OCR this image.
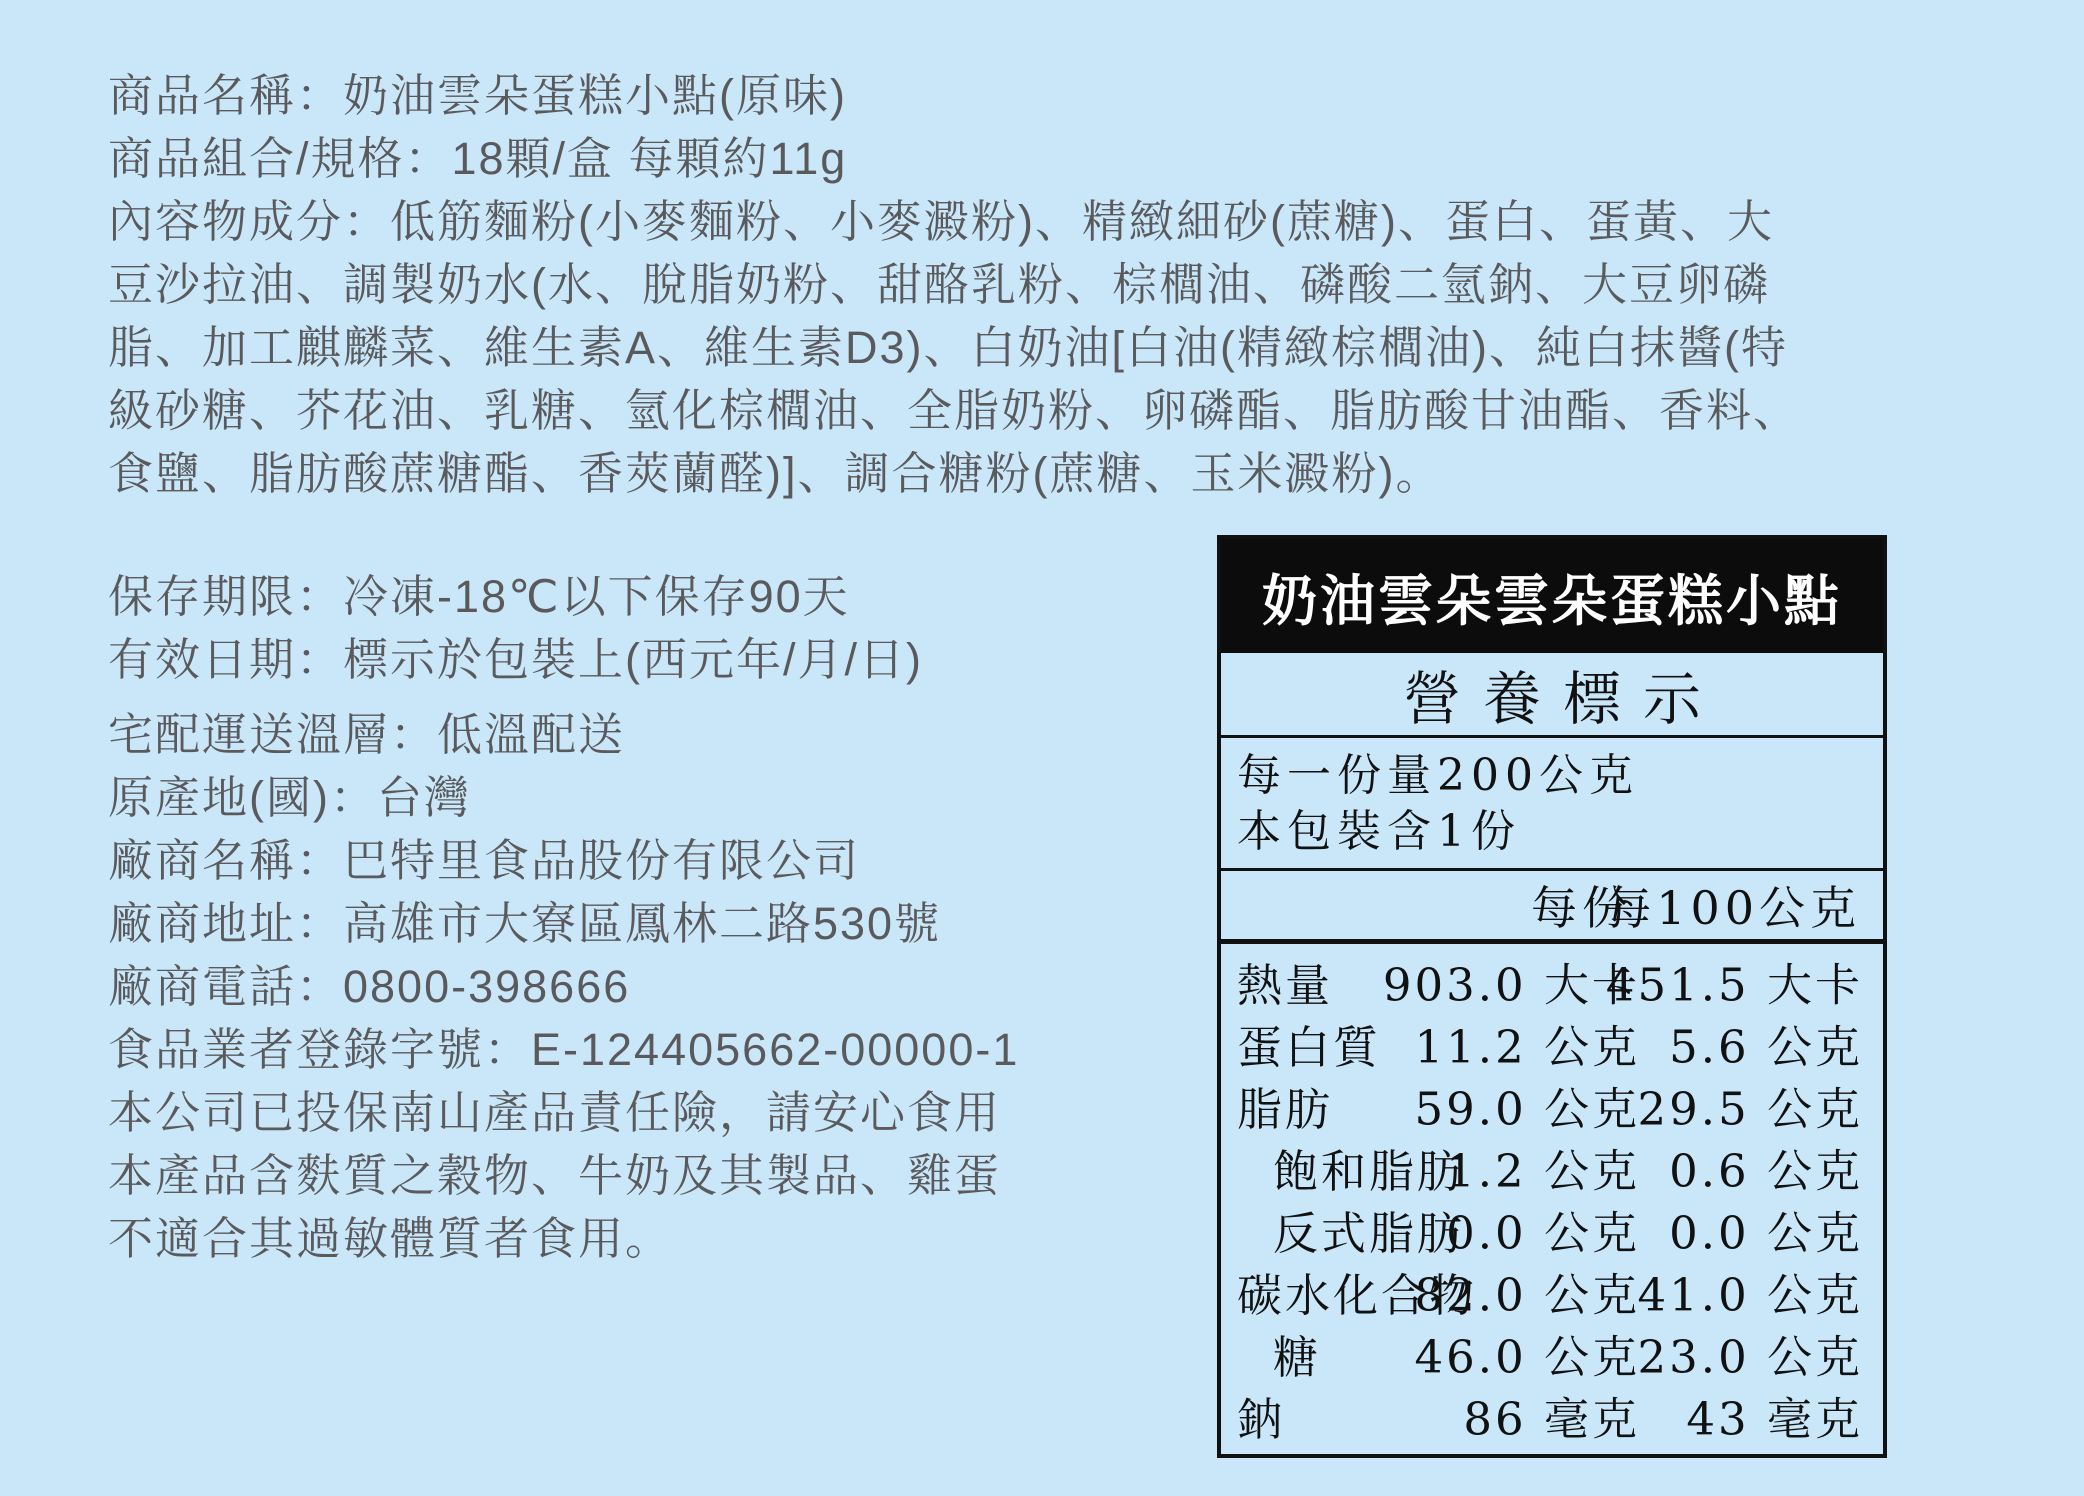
商品名稱：奶油雲朵蛋糕小點(原味)
商品組合/規格：18顆/盒 每顆約11g
內容物成分：低筋麵粉(小麥麵粉、小麥澱粉)、精緻細砂(蔗糖)、蛋白、蛋黃、大
豆沙拉油、調製奶水(水、脫脂奶粉、甜酪乳粉、棕櫚油、磷酸二氫鈉、大豆卵磷
脂、加工麒麟菜、維生素A、維生素D3)、白奶油[白油(精緻棕櫚油)、純白抹醬(特
級砂糖、芥花油、乳糖、氫化棕櫚油、全脂奶粉、卵磷酯、脂肪酸甘油酯、香料、
食鹽、脂肪酸蔗糖酯、香莢蘭醛)]、調合糖粉(蔗糖、玉米澱粉)。
保存期限：冷凍-18℃以下保存90天
有效日期：標示於包裝上(西元年/月/日)
宅配運送溫層：低溫配送
原產地(國)：台灣
廠商名稱：巴特里食品股份有限公司
廠商地址：高雄市大寮區鳳林二路530號
廠商電話：0800-398666
食品業者登錄字號：E-124405662-00000-1
本公司已投保南山產品責任險，請安心食用
本產品含麩質之穀物、牛奶及其製品、雞蛋
不適合其過敏體質者食用。
奶油雲朵雲朵蛋糕小點
營養標示
每一份量200公克
本包裝含1份
每份
每100公克
熱量 903.0 大卡
451.5 大卡
蛋白質 11.2 公克 5.6 公克
脂肪 59.0 公克
29.5 公克
飽和脂肪
1.2 公克 0.6 公克
反式脂肪
0.0 公克 0.0 公克
碳水化合物
82.0 公克
41.0 公克
糖 46.0 公克
23.0 公克
鈉	86 毫克 43 毫克
